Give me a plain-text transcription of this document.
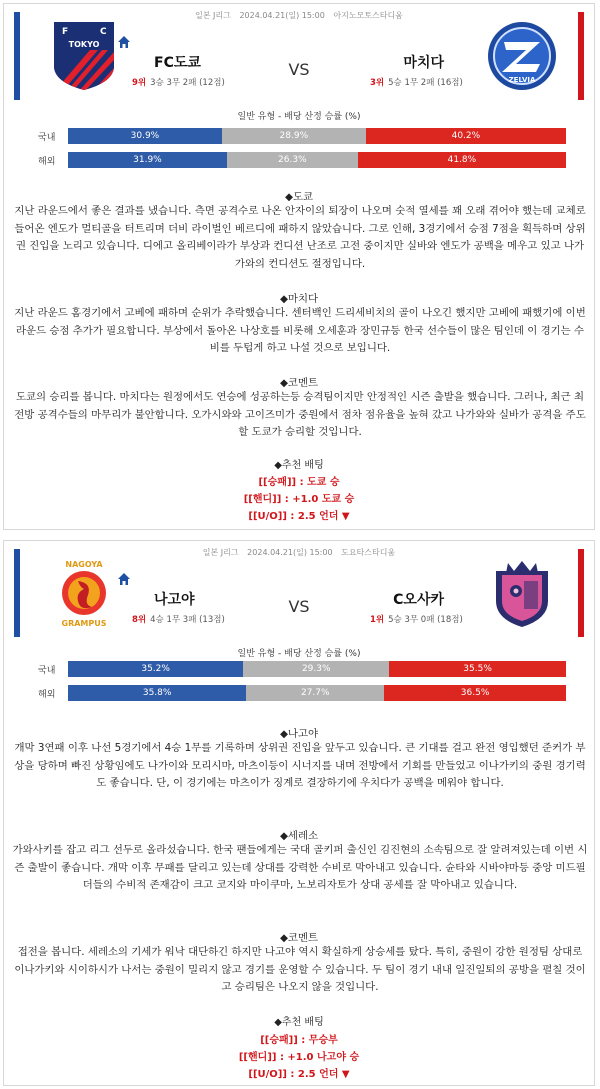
일본 J리그 2024.04.21(일) 15:00 아지노모토스타디움
F	C
TOKYO
FC도쿄	VS	마치다
9위 3승 3무 2패 (12점)	3위 5승 1무 2패 (16점)	ZELVIA
일반 유형 - 배당 산정 승률 (%)
국내	30.9%	28.9%	40.2%
해외	31.9%	26.3%	41.8%
◆도쿄
지난 라운드에서 좋은 결과를 냈습니다. 측면 공격수로 나온 안자이의 퇴장이 나오며 숫적 열세를 꽤 오래 겪어야 했는데 교체로 들어온 엔도가 멀티골을 터트리며 더비 라이벌인 베르디에 패하지 않았습니다. 그로 인해, 3경기에서 승점 7점을 획득하며 상위권 진입을 노리고 있습니다. 디에고 올리베이라가 부상과 컨디션 난조로 고전 중이지만 실바와 엔도가 공백을 메우고 있고 나가가와의 컨디션도 절정입니다.
◆마치다
지난 라운드 홈경기에서 고베에 패하며 순위가 추락했습니다. 센터백인 드리세비치의 골이 나오긴 했지만 고베에 패했기에 이번 라운드 승점 추가가 필요합니다. 부상에서 돌아온 나상호를 비롯해 오세훈과 장민규등 한국 선수들이 많은 팀인데 이 경기는 수비를 두텁게 하고 나설 것으로 보입니다.
◆코멘트
도쿄의 승리를 봅니다. 마치다는 원정에서도 연승에 성공하는등 승격팀이지만 안정적인 시즌 출발을 했습니다. 그러나, 최근 최전방 공격수들의 마무리가 불안합니다. 오가시와와 고이즈미가 중원에서 점차 점유율을 높혀 갔고 나가와와 실바가 공격을 주도할 도쿄가 승리할 것입니다.
◆추천 배팅
[[승패]] : 도쿄 승
[[핸디]] : +1.0 도쿄 승
[[U/O]] : 2.5 언더 ▼
일본 J리그 2024.04.21(일) 15:00 도요타스타디움
NAGOYA
GRAMPUS
나고야	VS	C오사카
8위 4승 1무 3패 (13점)	1위 5승 3무 0패 (18점)
일반 유형 - 배당 산정 승률 (%)
국내	35.2%	29.3%	35.5%
해외	35.8%	27.7%	36.5%
◆나고야
개막 3연패 이후 나선 5경기에서 4승 1무를 기록하며 상위권 진입을 앞두고 있습니다. 큰 기대를 걸고 완전 영입했던 준커가 부상을 당하며 빠진 상황임에도 나가이와 모리시마, 마츠이등이 시너지를 내며 전방에서 기회를 만들었고 이나가키의 중원 경기력도 좋습니다. 단, 이 경기에는 마츠이가 징계로 결장하기에 우치다가 공백을 메워야 합니다.
◆세레소
가와사키를 잡고 리그 선두로 올라섰습니다. 한국 팬들에게는 국대 골키퍼 출신인 김진현의 소속팀으로 잘 알려져있는데 이번 시즌 출발이 좋습니다. 개막 이후 무패를 달리고 있는데 상대를 강력한 수비로 막아내고 있습니다. 슌타와 시바야마등 중앙 미드필더들의 수비적 존재감이 크고 코지와 마이쿠마, 노보리자토가 상대 공세를 잘 막아내고 있습니다.
◆코멘트
접전을 봅니다. 세레소의 기세가 워낙 대단하긴 하지만 나고야 역시 확실하게 상승세를 탔다. 특히, 중원이 강한 원정팀 상대로 이나가키와 시이하시가 나서는 중원이 밀리지 않고 경기를 운영할 수 있습니다. 두 팀이 경기 내내 일진일퇴의 공방을 펼칠 것이고 승리팀은 나오지 않을 것입니다.
◆추천 배팅
[[승패]] : 무승부
[[핸디]] : +1.0 나고야 승
[[U/O]] : 2.5 언더 ▼
